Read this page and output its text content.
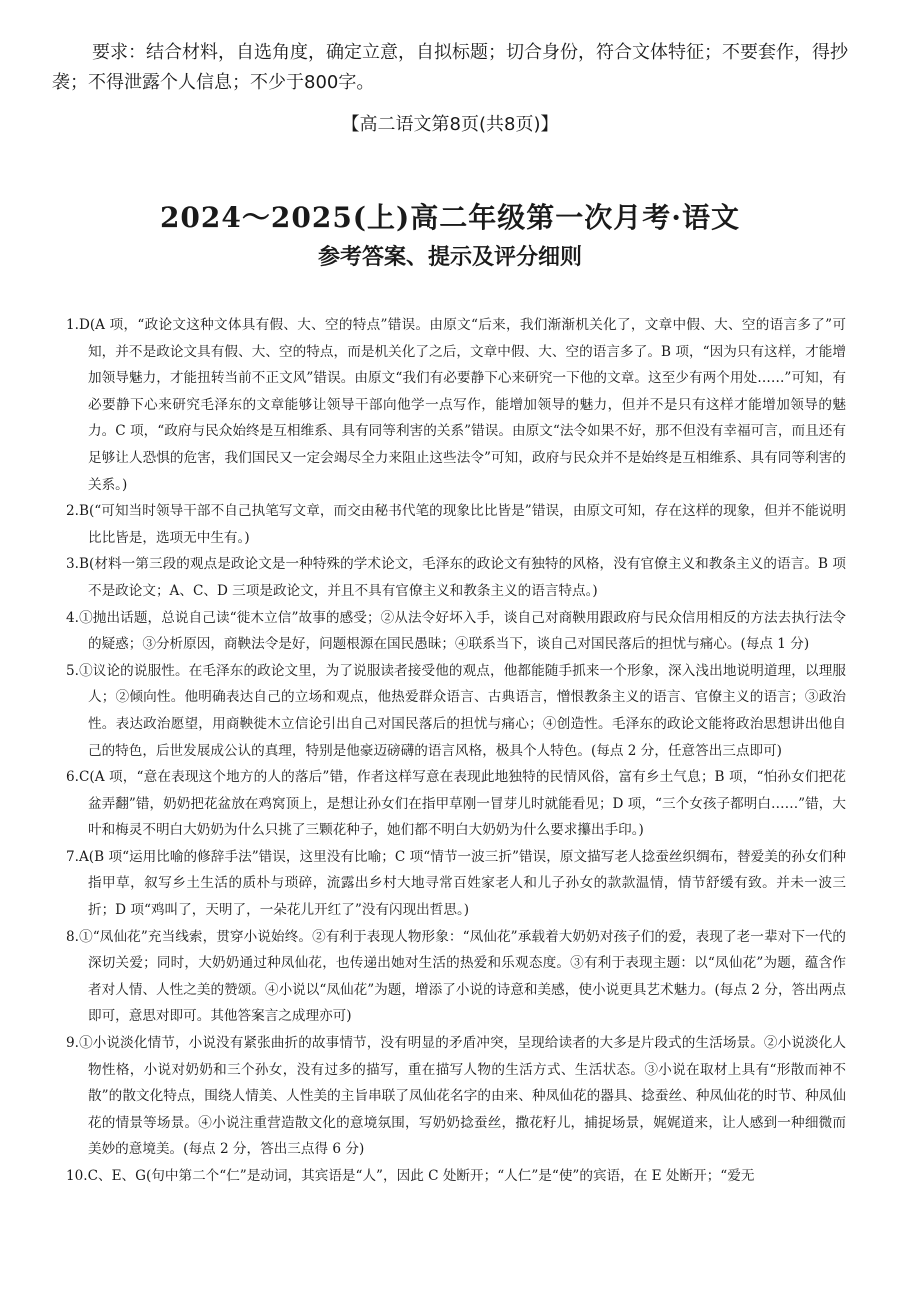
要求：结合材料，自选角度，确定立意，自拟标题；切合身份，符合文体特征；不要套作，得抄袭；不得泄露个人信息；不少于800字。
【高二语文第8页(共8页)】
2024～2025(上)高二年级第一次月考·语文
参考答案、提示及评分细则
1.D(A 项，“政论文这种文体具有假、大、空的特点”错误。由原文“后来，我们渐渐机关化了，文章中假、大、空的语言多了”可知，并不是政论文具有假、大、空的特点，而是机关化了之后，文章中假、大、空的语言多了。B 项，“因为只有这样，才能增加领导魅力，才能扭转当前不正文风”错误。由原文“我们有必要静下心来研究一下他的文章。这至少有两个用处……”可知，有必要静下心来研究毛泽东的文章能够让领导干部向他学一点写作，能增加领导的魅力，但并不是只有这样才能增加领导的魅力。C 项，“政府与民众始终是互相维系、具有同等利害的关系”错误。由原文“法令如果不好，那不但没有幸福可言，而且还有足够让人恐惧的危害，我们国民又一定会竭尽全力来阻止这些法令”可知，政府与民众并不是始终是互相维系、具有同等利害的关系。)
2.B(“可知当时领导干部不自己执笔写文章，而交由秘书代笔的现象比比皆是”错误，由原文可知，存在这样的现象，但并不能说明比比皆是，选项无中生有。)
3.B(材料一第三段的观点是政论文是一种特殊的学术论文，毛泽东的政论文有独特的风格，没有官僚主义和教条主义的语言。B 项不是政论文；A、C、D 三项是政论文，并且不具有官僚主义和教条主义的语言特点。)
4.①抛出话题，总说自己读“徙木立信”故事的感受；②从法令好坏入手，谈自己对商鞅用跟政府与民众信用相反的方法去执行法令的疑惑；③分析原因，商鞅法令是好，问题根源在国民愚昧；④联系当下，谈自己对国民落后的担忧与痛心。(每点 1 分)
5.①议论的说服性。在毛泽东的政论文里，为了说服读者接受他的观点，他都能随手抓来一个形象，深入浅出地说明道理，以理服人；②倾向性。他明确表达自己的立场和观点，他热爱群众语言、古典语言，憎恨教条主义的语言、官僚主义的语言；③政治性。表达政治愿望，用商鞅徙木立信论引出自己对国民落后的担忧与痛心；④创造性。毛泽东的政论文能将政治思想讲出他自己的特色，后世发展成公认的真理，特别是他豪迈磅礴的语言风格，极具个人特色。(每点 2 分，任意答出三点即可)
6.C(A 项，“意在表现这个地方的人的落后”错，作者这样写意在表现此地独特的民情风俗，富有乡土气息；B 项，“怕孙女们把花盆弄翻”错，奶奶把花盆放在鸡窝顶上，是想让孙女们在指甲草刚一冒芽儿时就能看见；D 项，“三个女孩子都明白……”错，大叶和梅灵不明白大奶奶为什么只挑了三颗花种子，她们都不明白大奶奶为什么要求攥出手印。)
7.A(B 项“运用比喻的修辞手法”错误，这里没有比喻；C 项“情节一波三折”错误，原文描写老人捻蚕丝织绸布，替爱美的孙女们种指甲草，叙写乡土生活的质朴与琐碎，流露出乡村大地寻常百姓家老人和儿子孙女的款款温情，情节舒缓有致。并未一波三折；D 项“鸡叫了，天明了，一朵花儿开红了”没有闪现出哲思。)
8.①“凤仙花”充当线索，贯穿小说始终。②有利于表现人物形象：“凤仙花”承载着大奶奶对孩子们的爱，表现了老一辈对下一代的深切关爱；同时，大奶奶通过种凤仙花，也传递出她对生活的热爱和乐观态度。③有利于表现主题：以“凤仙花”为题，蕴含作者对人情、人性之美的赞颂。④小说以“凤仙花”为题，增添了小说的诗意和美感，使小说更具艺术魅力。(每点 2 分，答出两点即可，意思对即可。其他答案言之成理亦可)
9.①小说淡化情节，小说没有紧张曲折的故事情节，没有明显的矛盾冲突，呈现给读者的大多是片段式的生活场景。②小说淡化人物性格，小说对奶奶和三个孙女，没有过多的描写，重在描写人物的生活方式、生活状态。③小说在取材上具有“形散而神不散”的散文化特点，围绕人情美、人性美的主旨串联了凤仙花名字的由来、种凤仙花的器具、捻蚕丝、种凤仙花的时节、种凤仙花的情景等场景。④小说注重营造散文化的意境氛围，写奶奶捻蚕丝，撒花籽儿，捕捉场景，娓娓道来，让人感到一种细微而美妙的意境美。(每点 2 分，答出三点得 6 分)
10.C、E、G(句中第二个“仁”是动词，其宾语是“人”，因此 C 处断开；“人仁”是“使”的宾语，在 E 处断开；“爱无
